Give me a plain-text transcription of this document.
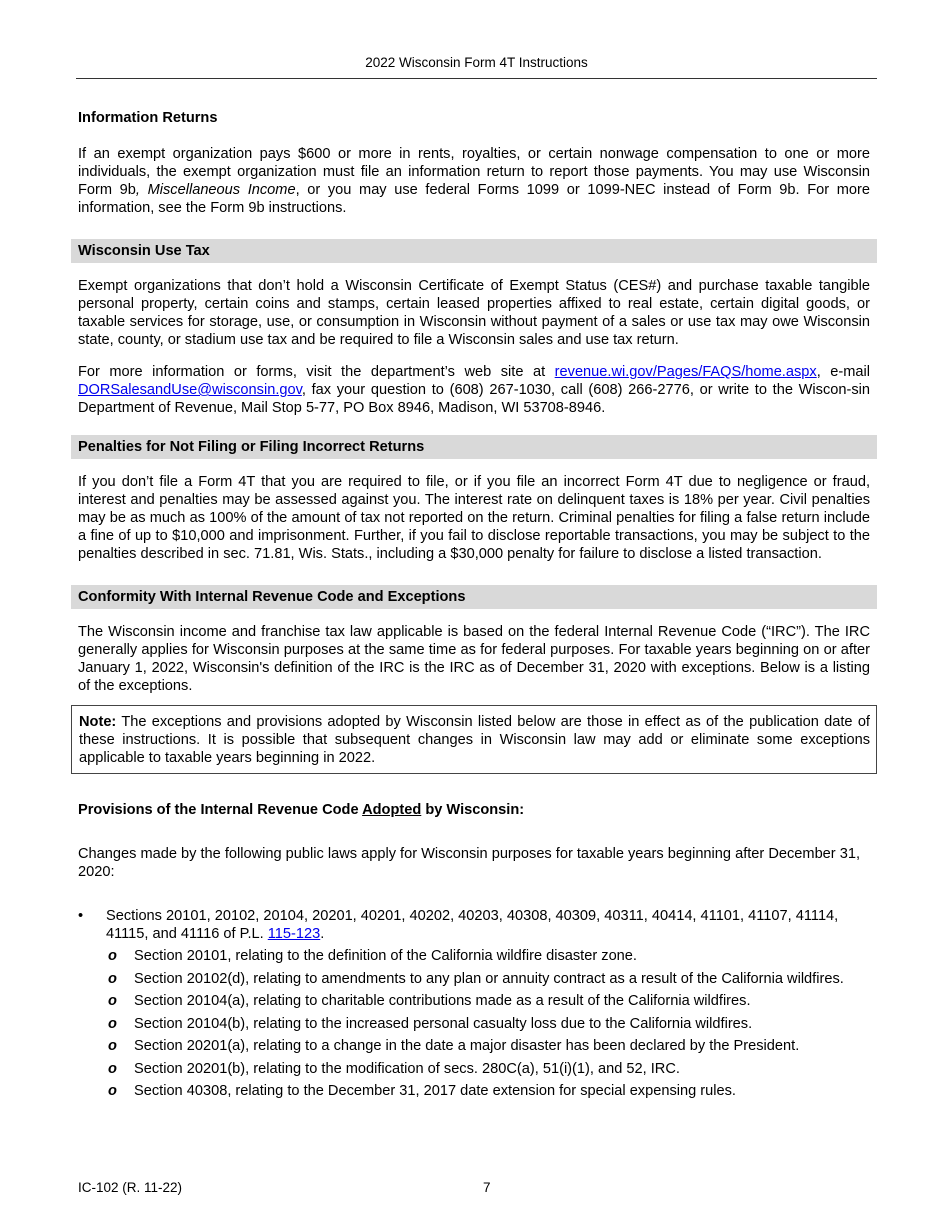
2022 Wisconsin Form 4T Instructions
Information Returns

If an exempt organization pays $600 or more in rents, royalties, or certain nonwage compensation to one or more individuals, the exempt organization must file an information return to report those payments. You may use Wisconsin Form 9b, Miscellaneous Income, or you may use federal Forms 1099 or 1099-NEC instead of Form 9b. For more information, see the Form 9b instructions.

Wisconsin Use Tax

Exempt organizations that don’t hold a Wisconsin Certificate of Exempt Status (CES#) and purchase taxable tangible personal property, certain coins and stamps, certain leased properties affixed to real estate, certain digital goods, or taxable services for storage, use, or consumption in Wisconsin without payment of a sales or use tax may owe Wisconsin state, county, or stadium use tax and be required to file a Wisconsin sales and use tax return.

For more information or forms, visit the department’s web site at revenue.wi.gov/Pages/FAQS/home.aspx, e-mail DORSalesandUse@wisconsin.gov, fax your question to (608) 267-1030, call (608) 266-2776, or write to the Wiscon-sin Department of Revenue, Mail Stop 5-77, PO Box 8946, Madison, WI 53708-8946.

Penalties for Not Filing or Filing Incorrect Returns

If you don’t file a Form 4T that you are required to file, or if you file an incorrect Form 4T due to negligence or fraud, interest and penalties may be assessed against you. The interest rate on delinquent taxes is 18% per year. Civil penalties may be as much as 100% of the amount of tax not reported on the return. Criminal penalties for filing a false return include a fine of up to $10,000 and imprisonment. Further, if you fail to disclose reportable transactions, you may be subject to the penalties described in sec. 71.81, Wis. Stats., including a $30,000 penalty for failure to disclose a listed transaction.

Conformity With Internal Revenue Code and Exceptions

The Wisconsin income and franchise tax law applicable is based on the federal Internal Revenue Code (“IRC”). The IRC generally applies for Wisconsin purposes at the same time as for federal purposes. For taxable years beginning on or after January 1, 2022, Wisconsin's definition of the IRC is the IRC as of December 31, 2020 with exceptions. Below is a listing of the exceptions.

Note: The exceptions and provisions adopted by Wisconsin listed below are those in effect as of the publication date of these instructions. It is possible that subsequent changes in Wisconsin law may add or eliminate some exceptions applicable to taxable years beginning in 2022.
Provisions of the Internal Revenue Code Adopted by Wisconsin:

Changes made by the following public laws apply for Wisconsin purposes for taxable years beginning after December 31, 2020:

• Sections 20101, 20102, 20104, 20201, 40201, 40202, 40203, 40308, 40309, 40311, 40414, 41101, 41107, 41114, 41115, and 41116 of P.L. 115-123.
o Section 20101, relating to the definition of the California wildfire disaster zone.
o Section 20102(d), relating to amendments to any plan or annuity contract as a result of the California wildfires.
o Section 20104(a), relating to charitable contributions made as a result of the California wildfires.
o Section 20104(b), relating to the increased personal casualty loss due to the California wildfires.
o Section 20201(a), relating to a change in the date a major disaster has been declared by the President.
o Section 20201(b), relating to the modification of secs. 280C(a), 51(i)(1), and 52, IRC.
o Section 40308, relating to the December 31, 2017 date extension for special expensing rules.
IC-102 (R. 11-22)	7
